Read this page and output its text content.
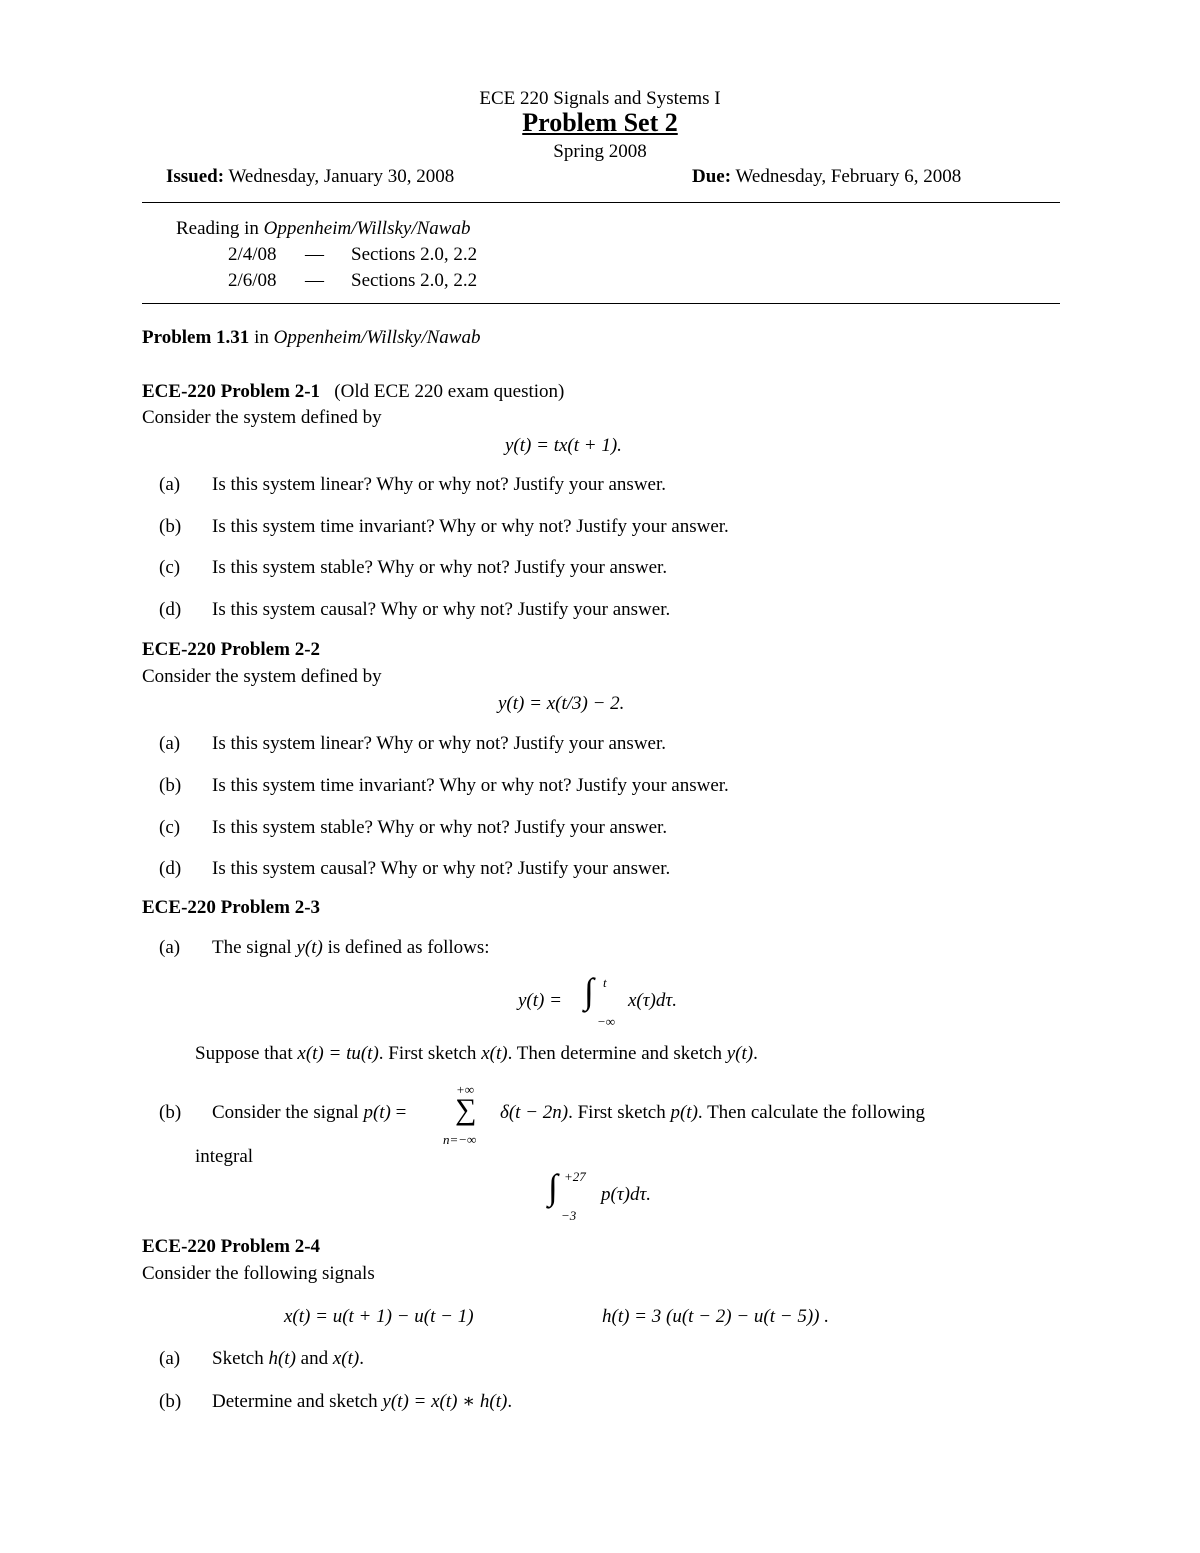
ECE 220 Signals and Systems I
Problem Set 2
Spring 2008
Issued: Wednesday, January 30, 2008	Due: Wednesday, February 6, 2008
Reading in Oppenheim/Willsky/Nawab
2/4/08 — Sections 2.0, 2.2
2/6/08 — Sections 2.0, 2.2
Problem 1.31 in Oppenheim/Willsky/Nawab
ECE-220 Problem 2-1 (Old ECE 220 exam question)
Consider the system defined by
y(t) = tx(t + 1).
(a) Is this system linear? Why or why not? Justify your answer.
(b) Is this system time invariant? Why or why not? Justify your answer.
(c) Is this system stable? Why or why not? Justify your answer.
(d) Is this system causal? Why or why not? Justify your answer.
ECE-220 Problem 2-2
Consider the system defined by
y(t) = x(t/3) − 2.
(a) Is this system linear? Why or why not? Justify your answer.
(b) Is this system time invariant? Why or why not? Justify your answer.
(c) Is this system stable? Why or why not? Justify your answer.
(d) Is this system causal? Why or why not? Justify your answer.
ECE-220 Problem 2-3
(a) The signal y(t) is defined as follows:
y(t) = ∫ t
−∞
x(τ)dτ.
Suppose that x(t) = tu(t). First sketch x(t). Then determine and sketch y(t).
(b) Consider the signal p(t) =
+∞
∑
n=−∞
δ(t − 2n). First sketch p(t). Then calculate the following
integral
∫ +27
−3
p(τ)dτ.
ECE-220 Problem 2-4
Consider the following signals
x(t) = u(t + 1) − u(t − 1)	h(t) = 3 (u(t − 2) − u(t − 5)) .
(a) Sketch h(t) and x(t).
(b) Determine and sketch y(t) = x(t) ∗ h(t).
